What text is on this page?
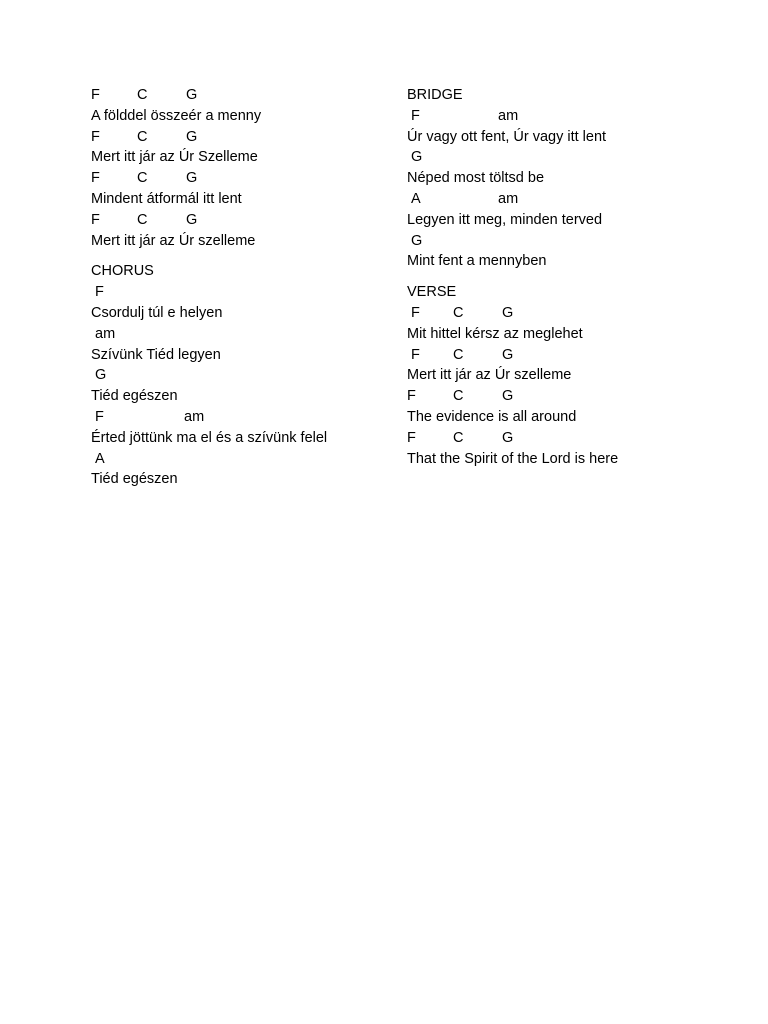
F

	C

	G

A földdel összeér a menny

F

	C

	G

Mert itt jár az Úr Szelleme

F

	C

	G

Mindent átformál itt lent

F

	C

	G

Mert itt jár az Úr szelleme
CHORUS

F

Csordulj túl e helyen

am

Szívünk Tiéd legyen

G

Tiéd egészen

F

	am

Érted jöttünk ma el és a szívünk felel

A

Tiéd egészen
BRIDGE

F

	am

Úr vagy ott fent, Úr vagy itt lent

G

Néped most töltsd be

A

	am

Legyen itt meg, minden terved

G

Mint fent a mennyben
VERSE

F

C

	G

Mit hittel kérsz az meglehet

F

C

	G

Mert itt jár az Úr szelleme

F

	C

	G

The evidence is all around

F

	C

	G

That the Spirit of the Lord is here
